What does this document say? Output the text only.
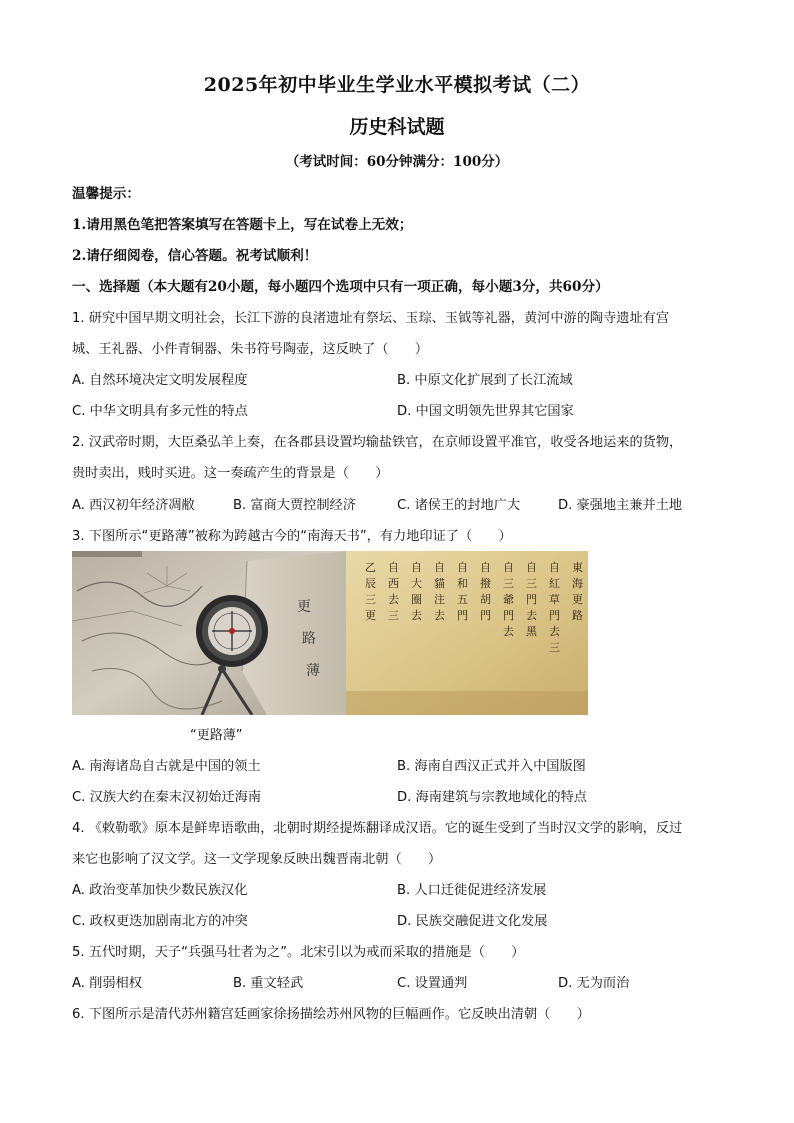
2025年初中毕业生学业水平模拟考试（二）
历史科试题
（考试时间：60分钟满分：100分）
温馨提示：
1.请用黑色笔把答案填写在答题卡上，写在试卷上无效；
2.请仔细阅卷，信心答题。祝考试顺利！
一、选择题（本大题有20小题，每小题四个选项中只有一项正确，每小题3分，共60分）
1. 研究中国早期文明社会，长江下游的良渚遗址有祭坛、玉琮、玉钺等礼器，黄河中游的陶寺遗址有宫
城、王礼器、小件青铜器、朱书符号陶壶，这反映了（　　）
A. 自然环境决定文明发展程度	B. 中原文化扩展到了长江流域
C. 中华文明具有多元性的特点	D. 中国文明领先世界其它国家
2. 汉武帝时期，大臣桑弘羊上奏，在各郡县设置均输盐铁官，在京师设置平准官，收受各地运来的货物，
贵时卖出，贱时买进。这一奏疏产生的背景是（　　）
A. 西汉初年经济凋敝	B. 富商大贾控制经济	C. 诸侯王的封地广大	D. 豪强地主兼并土地
3. 下图所示“更路薄”被称为跨越古今的“南海天书”，有力地印证了（　　）
更
路
薄
東海更路
自紅草門去三
自三門去黑
自三爺門去
自撥胡門
自和五門
自貓注去
自大圈去
自西去三
乙辰三更
“更路薄”
A. 南海诸岛自古就是中国的领土	B. 海南自西汉正式并入中国版图
C. 汉族大约在秦末汉初始迁海南	D. 海南建筑与宗教地域化的特点
4. 《敕勒歌》原本是鲜卑语歌曲，北朝时期经提炼翻译成汉语。它的诞生受到了当时汉文学的影响，反过
来它也影响了汉文学。这一文学现象反映出魏晋南北朝（　　）
A. 政治变革加快少数民族汉化	B. 人口迁徙促进经济发展
C. 政权更迭加剧南北方的冲突	D. 民族交融促进文化发展
5. 五代时期，天子“兵强马壮者为之”。北宋引以为戒而采取的措施是（　　）
A. 削弱相权	B. 重文轻武	C. 设置通判	D. 无为而治
6. 下图所示是清代苏州籍宫廷画家徐扬描绘苏州风物的巨幅画作。它反映出清朝（　　）
